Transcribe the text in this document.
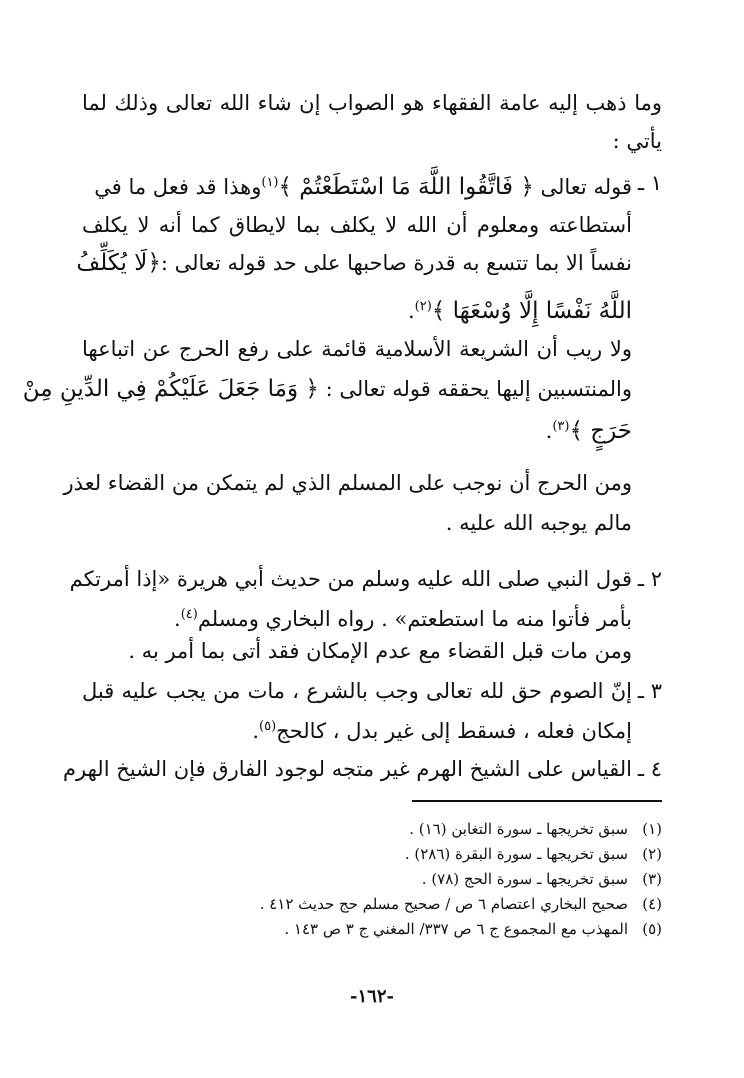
وما ذهب إليه عامة الفقهاء هو الصواب إن شاء الله تعالى وذلك لما
يأتي :
١ ـ
قوله تعالى ﴿ فَاتَّقُوا اللَّهَ مَا اسْتَطَعْتُمْ ﴾$^{(١)}$وهذا قد فعل ما في
أستطاعته ومعلوم أن الله لا يكلف بما لايطاق كما أنه لا يكلف
نفساً الا بما تتسع به قدرة صاحبها على حد قوله تعالى :﴿لَا يُكَلِّفُ
اللَّهُ نَفْسًا إِلَّا وُسْعَهَا ﴾$^{(٢)}$.
ولا ريب أن الشريعة الأسلامية قائمة على رفع الحرج عن اتباعها
والمنتسبين إليها يحققه قوله تعالى : ﴿ وَمَا جَعَلَ عَلَيْكُمْ فِي الدِّينِ مِنْ
حَرَجٍ ﴾$^{(٣)}$.
ومن الحرج أن نوجب على المسلم الذي لم يتمكن من القضاء لعذر
مالم يوجبه الله عليه .
٢ ـ
قول النبي صلى الله عليه وسلم من حديث أبي هريرة «إذا أمرتكم
بأمر فأتوا منه ما استطعتم» . رواه البخاري ومسلم$^{(٤)}$.
ومن مات قبل القضاء مع عدم الإمكان فقد أتى بما أمر به .
٣ ـ
إنّ الصوم حق لله تعالى وجب بالشرع ، مات من يجب عليه قبل
إمكان فعله ، فسقط إلى غير بدل ، كالحج$^{(٥)}$.
٤ ـ
القياس على الشيخ الهرم غير متجه لوجود الفارق فإن الشيخ الهرم
(١)سبق تخريجها ـ سورة التغابن (١٦) .
(٢)سبق تخريجها ـ سورة البقرة (٢٨٦) .
(٣)سبق تخريجها ـ سورة الحج (٧٨) .
(٤)صحيح البخاري اعتصام ٦ ص / صحيح مسلم حج حديث ٤١٢ .
(٥)المهذب مع المجموع ج ٦ ص ٣٣٧/ المغني ج ٣ ص ١٤٣ .
-١٦٢-
